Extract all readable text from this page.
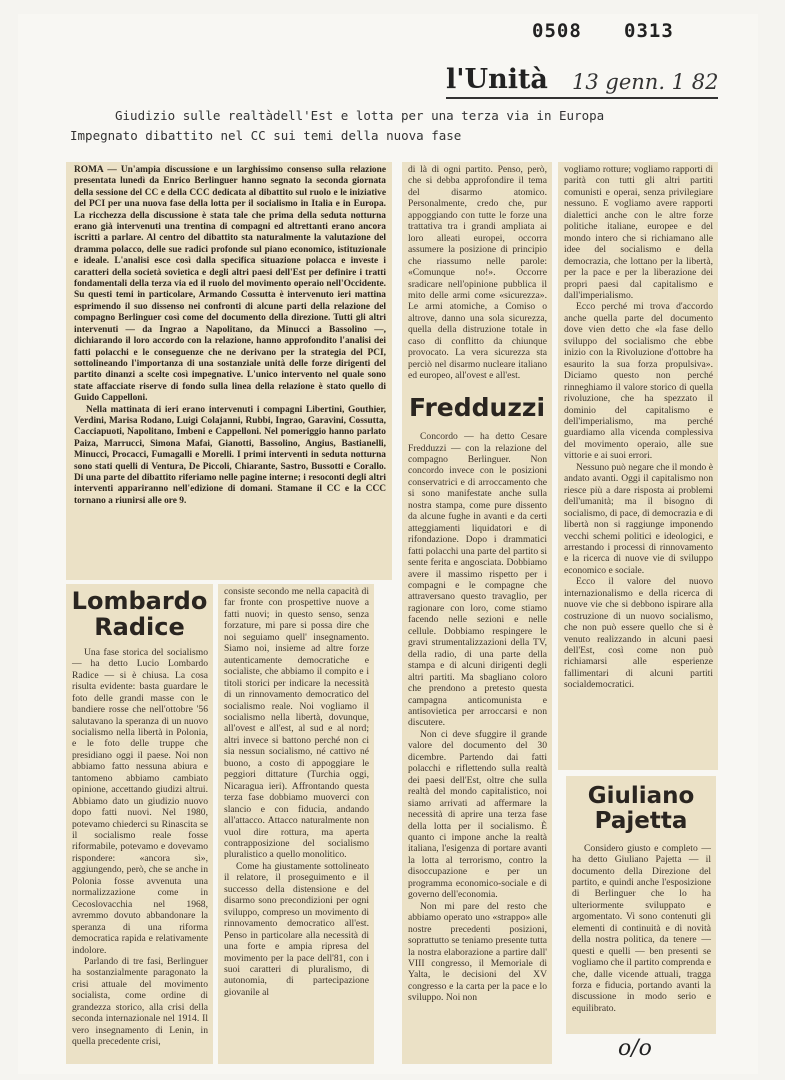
0508 0313
l'Unità 13 genn. 1 82
Giudizio sulle realtàdell'Est e lotta per una terza via in Europa
Impegnato dibattito nel CC sui temi della nuova fase

ROMA — Un'ampia discussione e un larghissimo consenso sulla relazione presentata lunedì da Enrico Berlinguer hanno segnato la seconda giornata della sessione del CC e della CCC dedicata al dibattito sul ruolo e le iniziative del PCI per una nuova fase della lotta per il socialismo in Italia e in Europa. La ricchezza della discussione è stata tale che prima della seduta notturna erano già intervenuti una trentina di compagni ed altrettanti erano ancora iscritti a parlare. Al centro del dibattito sta naturalmente la valutazione del dramma polacco, delle sue radici profonde sul piano economico, istituzionale e ideale. L'analisi esce così dalla specifica situazione polacca e investe i caratteri della società sovietica e degli altri paesi dell'Est per definire i tratti fondamentali della terza via ed il ruolo del movimento operaio nell'Occidente. Su questi temi in particolare, Armando Cossutta è intervenuto ieri mattina esprimendo il suo dissenso nei confronti di alcune parti della relazione del compagno Berlinguer così come del documento della direzione. Tutti gli altri intervenuti — da Ingrao a Napolitano, da Minucci a Bassolino —, dichiarando il loro accordo con la relazione, hanno approfondito l'analisi dei fatti polacchi e le conseguenze che ne derivano per la strategia del PCI, sottolineando l'importanza di una sostanziale unità delle forze dirigenti del partito dinanzi a scelte così impegnative. L'unico intervento nel quale sono state affacciate riserve di fondo sulla linea della relazione è stato quello di Guido Cappelloni.

Nella mattinata di ieri erano intervenuti i compagni Libertini, Gouthier, Verdini, Marisa Rodano, Luigi Colajanni, Rubbi, Ingrao, Garavini, Cossutta, Cacciapuoti, Napolitano, Imbeni e Cappelloni. Nel pomeriggio hanno parlato Paiza, Marrucci, Simona Mafai, Gianotti, Bassolino, Angius, Bastianelli, Minucci, Procacci, Fumagalli e Morelli. I primi interventi in seduta notturna sono stati quelli di Ventura, De Piccoli, Chiarante, Sastro, Bussotti e Corallo. Di una parte del dibattito riferiamo nelle pagine interne; i resoconti degli altri interventi appariranno nell'edizione di domani. Stamane il CC e la CCC tornano a riunirsi alle ore 9.

Lombardo
Radice

Una fase storica del socialismo — ha detto Lucio Lombardo Radice — si è chiusa. La cosa risulta evidente: basta guardare le foto delle grandi masse con le bandiere rosse che nell'ottobre '56 salutavano la speranza di un nuovo socialismo nella libertà in Polonia, e le foto delle truppe che presidiano oggi il paese. Noi non abbiamo fatto nessuna abiura e tantomeno abbiamo cambiato opinione, accettando giudizi altrui. Abbiamo dato un giudizio nuovo dopo fatti nuovi. Nel 1980, potevamo chiederci su Rinascita se il socialismo reale fosse riformabile, potevamo e dovevamo rispondere: «ancora sì», aggiungendo, però, che se anche in Polonia fosse avvenuta una normalizzazione come in Cecoslovacchia nel 1968, avremmo dovuto abbandonare la speranza di una riforma democratica rapida e relativamente indolore.

Parlando di tre fasi, Berlinguer ha sostanzialmente paragonato la crisi attuale del movimento socialista, come ordine di grandezza storico, alla crisi della seconda internazionale nel 1914. Il vero insegnamento di Lenin, in quella precedente crisi,

consiste secondo me nella capacità di far fronte con prospettive nuove a fatti nuovi; in questo senso, senza forzature, mi pare si possa dire che noi seguiamo quell' insegnamento. Siamo noi, insieme ad altre forze autenticamente democratiche e socialiste, che abbiamo il compito e i titoli storici per indicare la necessità di un rinnovamento democratico del socialismo reale. Noi vogliamo il socialismo nella libertà, dovunque, all'ovest e all'est, al sud e al nord; altri invece si battono perché non ci sia nessun socialismo, né cattivo né buono, a costo di appoggiare le peggiori dittature (Turchia oggi, Nicaragua ieri). Affrontando questa terza fase dobbiamo muoverci con slancio e con fiducia, andando all'attacco. Attacco naturalmente non vuol dire rottura, ma aperta contrapposizione del socialismo pluralistico a quello monolitico.

Come ha giustamente sottolineato il relatore, il proseguimento e il successo della distensione e del disarmo sono precondizioni per ogni sviluppo, compreso un movimento di rinnovamento democratico all'est. Penso in particolare alla necessità di una forte e ampia ripresa del movimento per la pace dell'81, con i suoi caratteri di pluralismo, di autonomia, di partecipazione giovanile al

di là di ogni partito. Penso, però, che si debba approfondire il tema del disarmo atomico. Personalmente, credo che, pur appoggiando con tutte le forze una trattativa tra i grandi ampliata ai loro alleati europei, occorra assumere la posizione di principio che riassumo nelle parole: «Comunque no!». Occorre sradicare nell'opinione pubblica il mito delle armi come «sicurezza». Le armi atomiche, a Comiso o altrove, danno una sola sicurezza, quella della distruzione totale in caso di conflitto da chiunque provocato. La vera sicurezza sta perciò nel disarmo nucleare italiano ed europeo, all'ovest e all'est.

Fredduzzi

Concordo — ha detto Cesare Fredduzzi — con la relazione del compagno Berlinguer. Non concordo invece con le posizioni conservatrici e di arroccamento che si sono manifestate anche sulla nostra stampa, come pure dissento da alcune fughe in avanti e da certi atteggiamenti liquidatori e di rifondazione. Dopo i drammatici fatti polacchi una parte del partito si sente ferita e angosciata. Dobbiamo avere il massimo rispetto per i compagni e le compagne che attraversano questo travaglio, per ragionare con loro, come stiamo facendo nelle sezioni e nelle cellule. Dobbiamo respingere le gravi strumentalizzazioni della TV, della radio, di una parte della stampa e di alcuni dirigenti degli altri partiti. Ma sbagliano coloro che prendono a pretesto questa campagna anticomunista e antisovietica per arroccarsi e non discutere.

Non ci deve sfuggire il grande valore del documento del 30 dicembre. Partendo dai fatti polacchi e riflettendo sulla realtà dei paesi dell'Est, oltre che sulla realtà del mondo capitalistico, noi siamo arrivati ad affermare la necessità di aprire una terza fase della lotta per il socialismo. È quanto ci impone anche la realtà italiana, l'esigenza di portare avanti la lotta al terrorismo, contro la disoccupazione e per un programma economico-sociale e di governo dell'economia.

Non mi pare del resto che abbiamo operato uno «strappo» alle nostre precedenti posizioni, soprattutto se teniamo presente tutta la nostra elaborazione a partire dall' VIII congresso, il Memoriale di Yalta, le decisioni del XV congresso e la carta per la pace e lo sviluppo. Noi non

vogliamo rotture; vogliamo rapporti di parità con tutti gli altri partiti comunisti e operai, senza privilegiare nessuno. E vogliamo avere rapporti dialettici anche con le altre forze politiche italiane, europee e del mondo intero che si richiamano alle idee del socialismo e della democrazia, che lottano per la libertà, per la pace e per la liberazione dei propri paesi dal capitalismo e dall'imperialismo.

Ecco perché mi trova d'accordo anche quella parte del documento dove vien detto che «la fase dello sviluppo del socialismo che ebbe inizio con la Rivoluzione d'ottobre ha esaurito la sua forza propulsiva». Diciamo questo non perché rinneghiamo il valore storico di quella rivoluzione, che ha spezzato il dominio del capitalismo e dell'imperialismo, ma perché guardiamo alla vicenda complessiva del movimento operaio, alle sue vittorie e ai suoi errori.

Nessuno può negare che il mondo è andato avanti. Oggi il capitalismo non riesce più a dare risposta ai problemi dell'umanità; ma il bisogno di socialismo, di pace, di democrazia e di libertà non si raggiunge imponendo vecchi schemi politici e ideologici, e arrestando i processi di rinnovamento e la ricerca di nuove vie di sviluppo economico e sociale.

Ecco il valore del nuovo internazionalismo e della ricerca di nuove vie che si debbono ispirare alla costruzione di un nuovo socialismo, che non può essere quello che si è venuto realizzando in alcuni paesi dell'Est, così come non può richiamarsi alle esperienze fallimentari di alcuni partiti socialdemocratici.

Giuliano
Pajetta

Considero giusto e completo — ha detto Giuliano Pajetta — il documento della Direzione del partito, e quindi anche l'esposizione di Berlinguer che lo ha ulteriormente sviluppato e argomentato. Vi sono contenuti gli elementi di continuità e di novità della nostra politica, da tenere — questi e quelli — ben presenti se vogliamo che il partito comprenda e che, dalle vicende attuali, tragga forza e fiducia, portando avanti la discussione in modo serio e equilibrato.

o/o
